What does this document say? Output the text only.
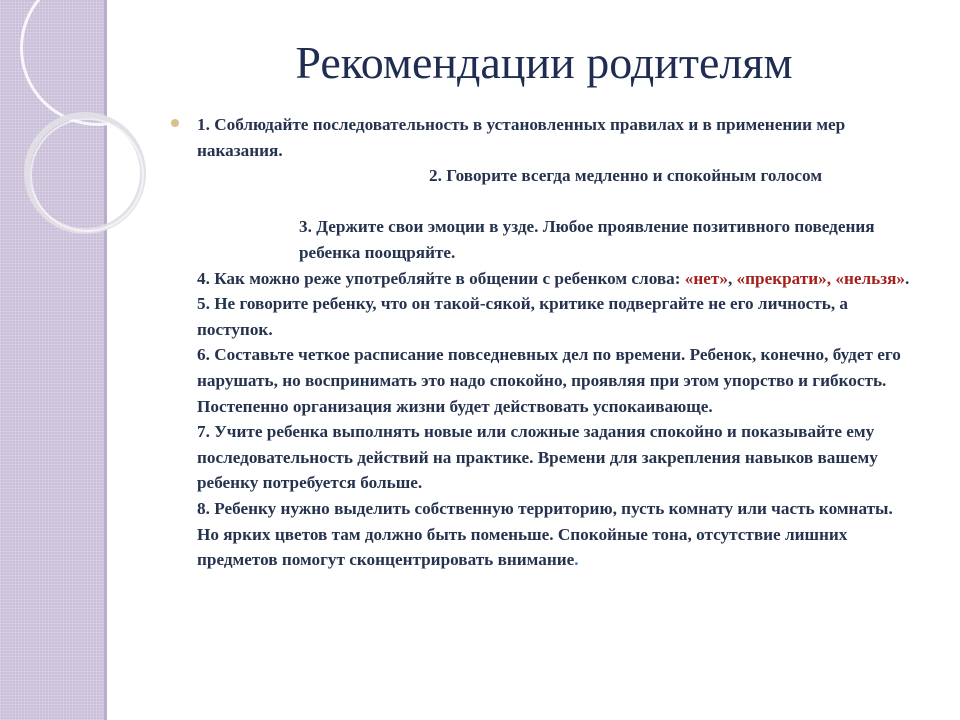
Рекомендации родителям

1. Соблюдайте последовательность в установленных правилах и в применении мер наказания.

2. Говорите всегда медленно и спокойным голосом

3. Держите свои эмоции в узде. Любое проявление позитивного поведения ребенка поощряйте.

4. Как можно реже употребляйте в общении с ребенком слова: «нет», «прекрати», «нельзя».

5. Не говорите ребенку, что он такой-сякой, критике подвергайте не его личность, а поступок.

6. Составьте четкое расписание повседневных дел по времени. Ребенок, конечно, будет его нарушать, но воспринимать это надо спокойно, проявляя при этом упорство и гибкость. Постепенно организация жизни будет действовать успокаивающе.

7. Учите ребенка выполнять новые или сложные задания спокойно и показывайте ему последовательность действий на практике. Времени для закрепления навыков вашему ребенку потребуется больше.

8. Ребенку нужно выделить собственную территорию, пусть комнату или часть комнаты. Но ярких цветов там должно быть поменьше. Спокойные тона, отсутствие лишних предметов помогут сконцентрировать внимание.
